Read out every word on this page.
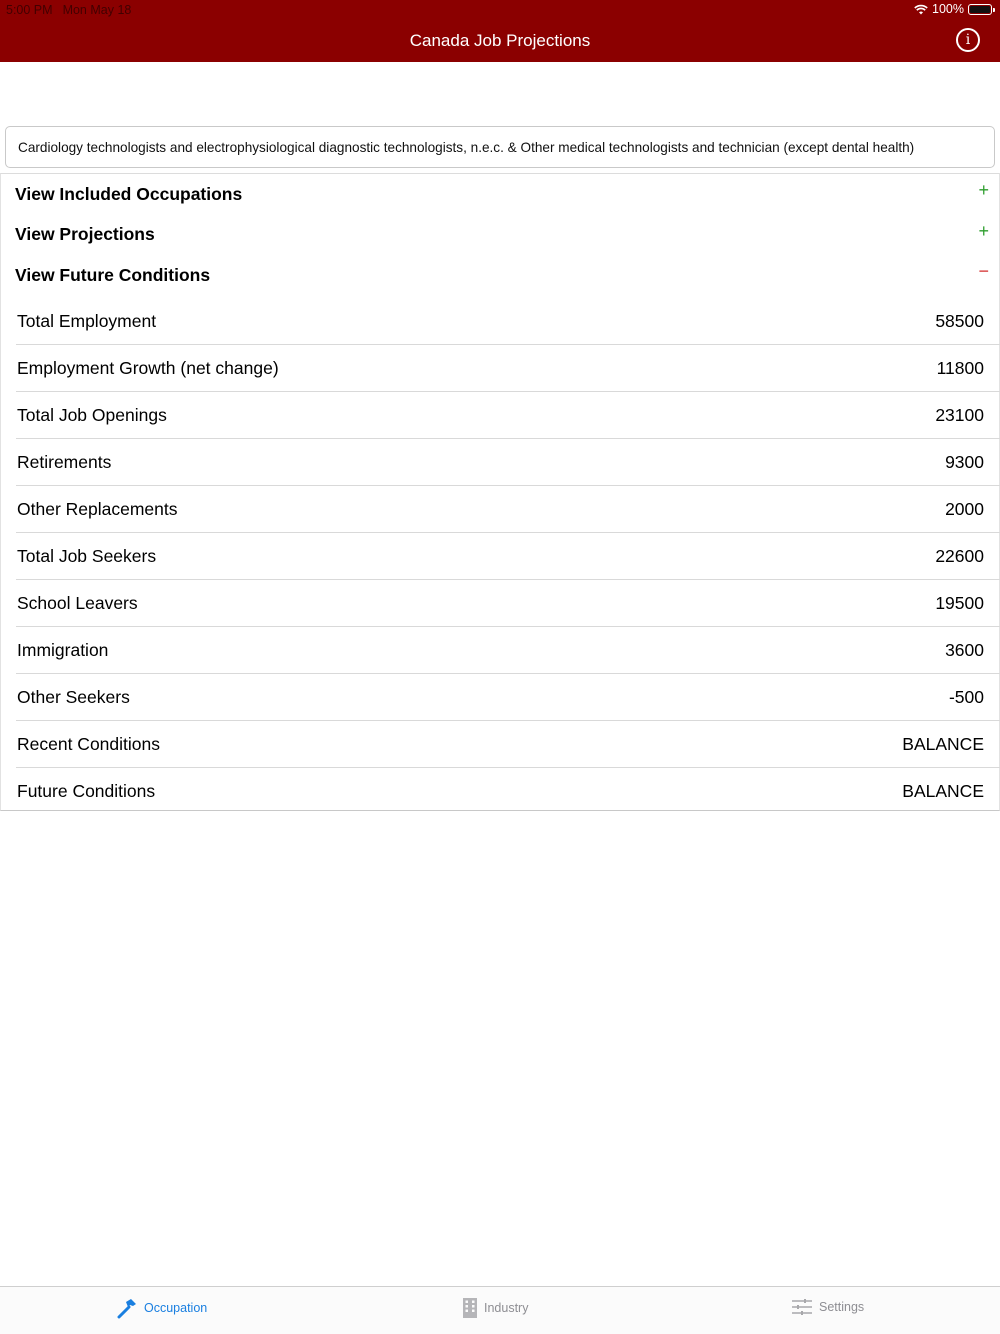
5:00 PM Mon May 18	100%
Canada Job Projections	i
Cardiology technologists and electrophysiological diagnostic technologists, n.e.c. & Other medical technologists and technician (except dental health)
View Included Occupations	+
View Projections	+
View Future Conditions	−
Total Employment	58500
Employment Growth (net change)	11800
Total Job Openings	23100
Retirements	9300
Other Replacements	2000
Total Job Seekers	22600
School Leavers	19500
Immigration	3600
Other Seekers	-500
Recent Conditions	BALANCE
Future Conditions	BALANCE
Occupation	Industry	Settings
